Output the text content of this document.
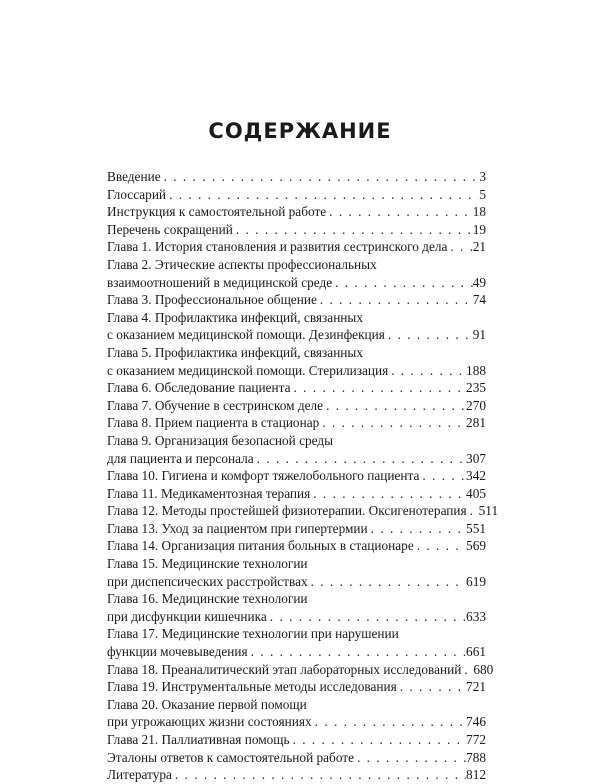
СОДЕРЖАНИЕ
Введение . . .	3
Глоссарий . . .	5
Инструкция к самостоятельной работе . . .	18
Перечень сокращений . . .	19
Глава 1. История становления и развития сестринского дела . . . 21
Глава 2. Этические аспекты профессиональных
взаимоотношений в медицинской среде . . .	49
Глава 3. Профессиональное общение . . .	74
Глава 4. Профилактика инфекций, связанных
с оказанием медицинской помощи. Дезинфекция . . .	91
Глава 5. Профилактика инфекций, связанных
с оказанием медицинской помощи. Стерилизация . . .	188
Глава 6. Обследование пациента . . .	235
Глава 7. Обучение в сестринском деле . . .	270
Глава 8. Прием пациента в стационар . . .	281
Глава 9. Организация безопасной среды
для пациента и персонала . . .	307
Глава 10. Гигиена и комфорт тяжелобольного пациента . . .	342
Глава 11. Медикаментозная терапия . . .	405
Глава 12. Методы простейшей физиотерапии. Оксигенотерапия . . . 511
Глава 13. Уход за пациентом при гипертермии . . .	551
Глава 14. Организация питания больных в стационаре . . .	569
Глава 15. Медицинские технологии
при диспепсических расстройствах . . .	619
Глава 16. Медицинские технологии
при дисфункции кишечника . . .	633
Глава 17. Медицинские технологии при нарушении
функции мочевыведения . . .	661
Глава 18. Преаналитический этап лабораторных исследований . . . 680
Глава 19. Инструментальные методы исследования . . .	721
Глава 20. Оказание первой помощи
при угрожающих жизни состояниях . . .	746
Глава 21. Паллиативная помощь . . .	772
Эталоны ответов к самостоятельной работе . . .	788
Литература . . .	812
